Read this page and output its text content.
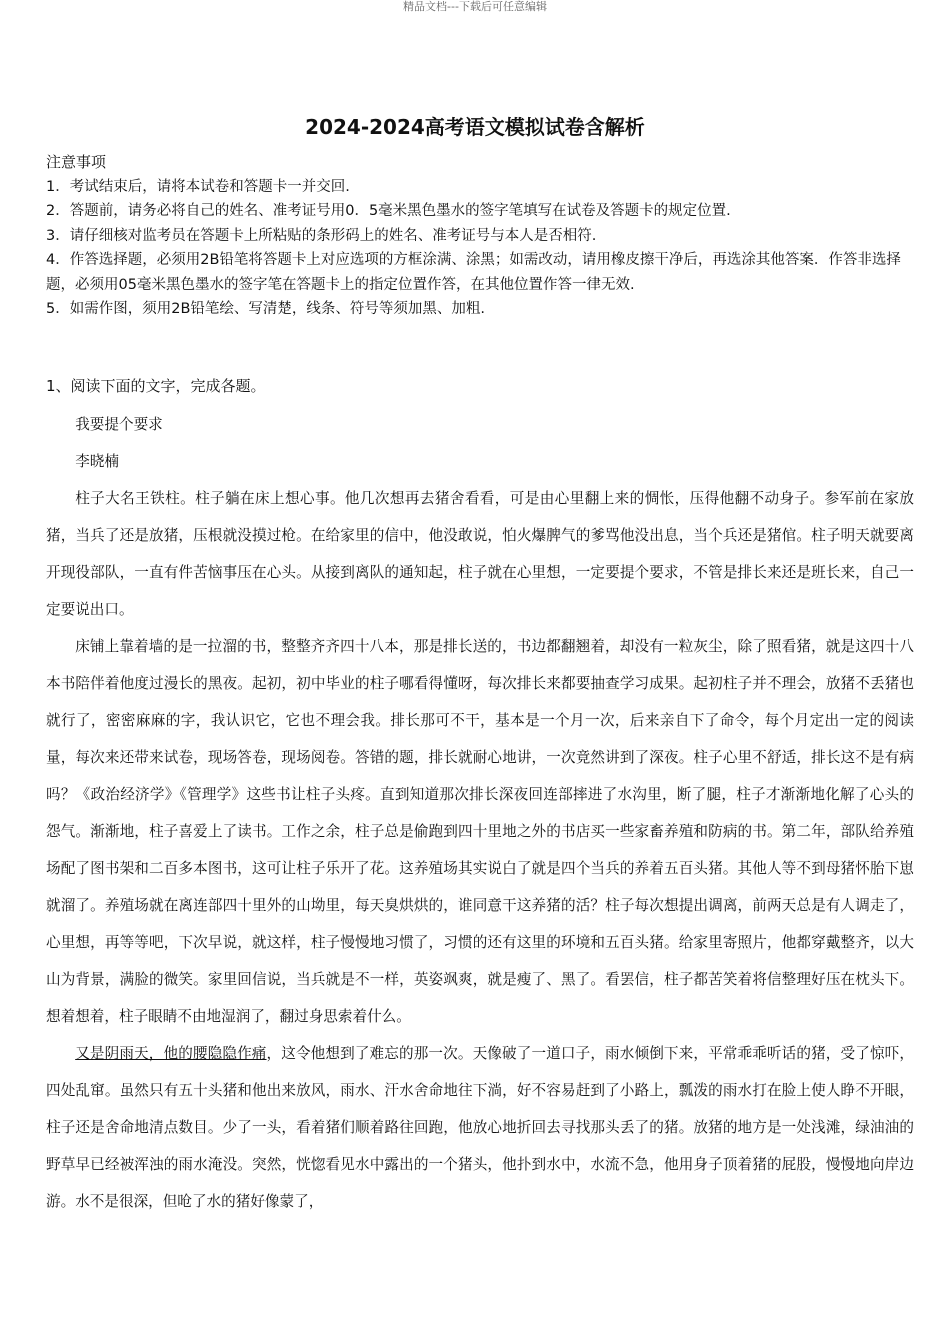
精品文档---下载后可任意编辑
2024-2024高考语文模拟试卷含解析
注意事项
1．考试结束后，请将本试卷和答题卡一并交回.
2．答题前，请务必将自己的姓名、准考证号用0．5毫米黑色墨水的签字笔填写在试卷及答题卡的规定位置.
3．请仔细核对监考员在答题卡上所粘贴的条形码上的姓名、准考证号与本人是否相符.
4．作答选择题，必须用2B铅笔将答题卡上对应选项的方框涂满、涂黑；如需改动，请用橡皮擦干净后，再选涂其他答案．作答非选择题，必须用05毫米黑色墨水的签字笔在答题卡上的指定位置作答，在其他位置作答一律无效.
5．如需作图，须用2B铅笔绘、写清楚，线条、符号等须加黑、加粗.
1、阅读下面的文字，完成各题。

我要提个要求

李晓楠

柱子大名王铁柱。柱子躺在床上想心事。他几次想再去猪舍看看，可是由心里翻上来的惆怅，压得他翻不动身子。参军前在家放猪，当兵了还是放猪，压根就没摸过枪。在给家里的信中，他没敢说，怕火爆脾气的爹骂他没出息，当个兵还是猪倌。柱子明天就要离开现役部队，一直有件苦恼事压在心头。从接到离队的通知起，柱子就在心里想，一定要提个要求，不管是排长来还是班长来，自己一定要说出口。

床铺上靠着墙的是一拉溜的书，整整齐齐四十八本，那是排长送的，书边都翻翘着，却没有一粒灰尘，除了照看猪，就是这四十八本书陪伴着他度过漫长的黑夜。起初，初中毕业的柱子哪看得懂呀，每次排长来都要抽查学习成果。起初柱子并不理会，放猪不丢猪也就行了，密密麻麻的字，我认识它，它也不理会我。排长那可不干，基本是一个月一次，后来亲自下了命令，每个月定出一定的阅读量，每次来还带来试卷，现场答卷，现场阅卷。答错的题，排长就耐心地讲，一次竟然讲到了深夜。柱子心里不舒适，排长这不是有病吗？《政治经济学》《管理学》这些书让柱子头疼。直到知道那次排长深夜回连部摔进了水沟里，断了腿，柱子才渐渐地化解了心头的怨气。渐渐地，柱子喜爱上了读书。工作之余，柱子总是偷跑到四十里地之外的书店买一些家畜养殖和防病的书。第二年，部队给养殖场配了图书架和二百多本图书，这可让柱子乐开了花。这养殖场其实说白了就是四个当兵的养着五百头猪。其他人等不到母猪怀胎下崽就溜了。养殖场就在离连部四十里外的山坳里，每天臭烘烘的，谁同意干这养猪的活？柱子每次想提出调离，前两天总是有人调走了，心里想，再等等吧，下次早说，就这样，柱子慢慢地习惯了，习惯的还有这里的环境和五百头猪。给家里寄照片，他都穿戴整齐，以大山为背景，满脸的微笑。家里回信说，当兵就是不一样，英姿飒爽，就是瘦了、黑了。看罢信，柱子都苦笑着将信整理好压在枕头下。想着想着，柱子眼睛不由地湿润了，翻过身思索着什么。

又是阴雨天，他的腰隐隐作痛，这令他想到了难忘的那一次。天像破了一道口子，雨水倾倒下来，平常乖乖听话的猪，受了惊吓，四处乱窜。虽然只有五十头猪和他出来放风，雨水、汗水舍命地往下淌，好不容易赶到了小路上，瓢泼的雨水打在脸上使人睁不开眼，柱子还是舍命地清点数目。少了一头，看着猪们顺着路往回跑，他放心地折回去寻找那头丢了的猪。放猪的地方是一处浅滩，绿油油的野草早已经被浑浊的雨水淹没。突然，恍惚看见水中露出的一个猪头，他扑到水中，水流不急，他用身子顶着猪的屁股，慢慢地向岸边游。水不是很深，但呛了水的猪好像蒙了，
